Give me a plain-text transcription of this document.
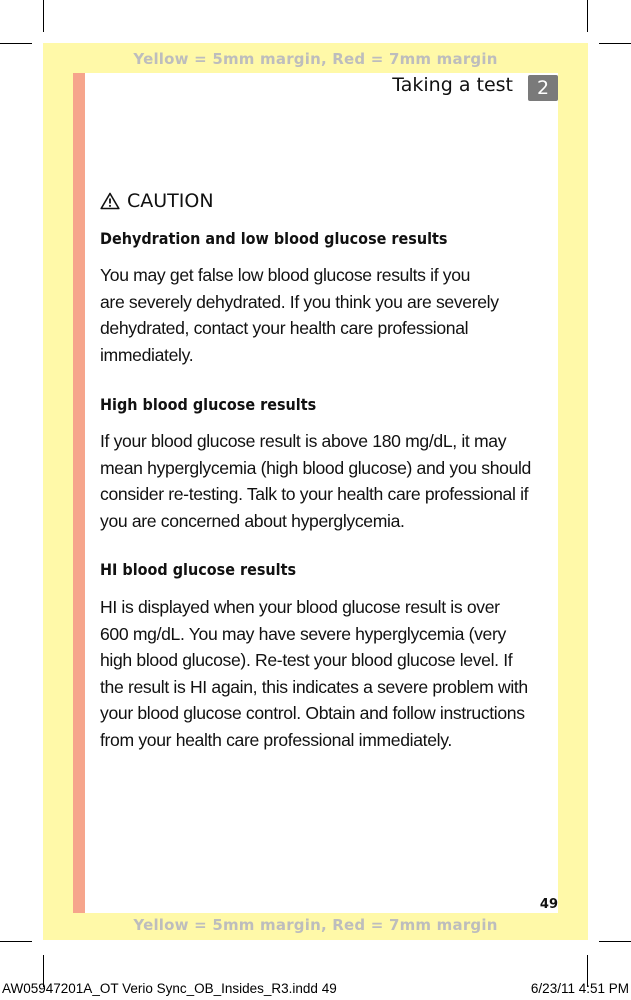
Yellow = 5mm margin, Red = 7mm margin
Yellow = 5mm margin, Red = 7mm margin
Taking a test	2
CAUTION
Dehydration and low blood glucose results
You may get false low blood glucose results if you
are severely dehydrated. If you think you are severely
dehydrated, contact your health care professional
immediately.
High blood glucose results
If your blood glucose result is above 180 mg/dL, it may
mean hyperglycemia (high blood glucose) and you should
consider re-testing. Talk to your health care professional if
you are concerned about hyperglycemia.
HI blood glucose results
HI is displayed when your blood glucose result is over
600 mg/dL. You may have severe hyperglycemia (very
high blood glucose). Re-test your blood glucose level. If
the result is HI again, this indicates a severe problem with
your blood glucose control. Obtain and follow instructions
from your health care professional immediately.
49
AW05947201A_OT Verio Sync_OB_Insides_R3.indd 49	6/23/11 4:51 PM
